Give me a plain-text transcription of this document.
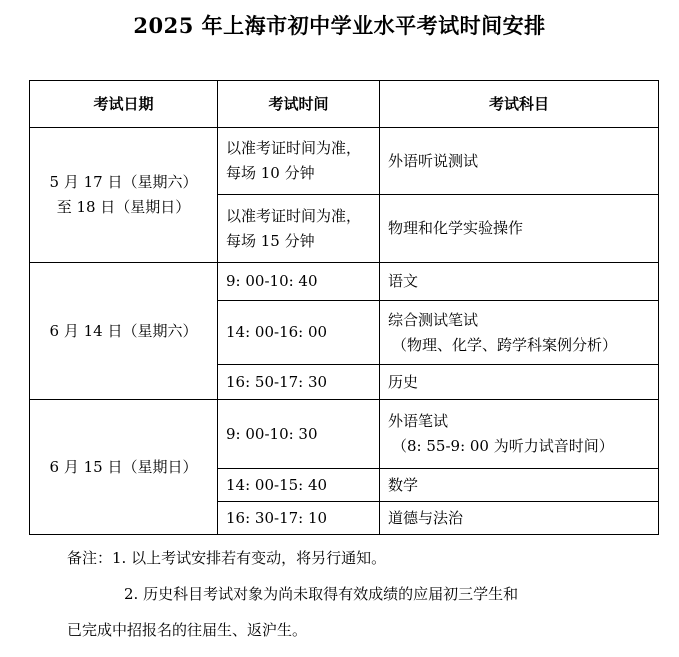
2025 年上海市初中学业水平考试时间安排
考试日期	考试时间	考试科目

5 月 17 日（星期六）
至 18 日（星期日）	以准考证时间为准，每场 10 分钟	外语听说测试
	以准考证时间为准，每场 15 分钟	物理和化学实验操作
6 月 14 日（星期六）	9: 00-10: 40	语文
	14: 00-16: 00	综合测试笔试
（物理、化学、跨学科案例分析）

	16: 50-17: 30	历史
6 月 15 日（星期日）	9: 00-10: 30	外语笔试
（8: 55-9: 00 为听力试音时间）

	14: 00-15: 40	数学
	16: 30-17: 10	道德与法治

备注：1. 以上考试安排若有变动，将另行通知。

2. 历史科目考试对象为尚未取得有效成绩的应届初三学生和

已完成中招报名的往届生、返沪生。
